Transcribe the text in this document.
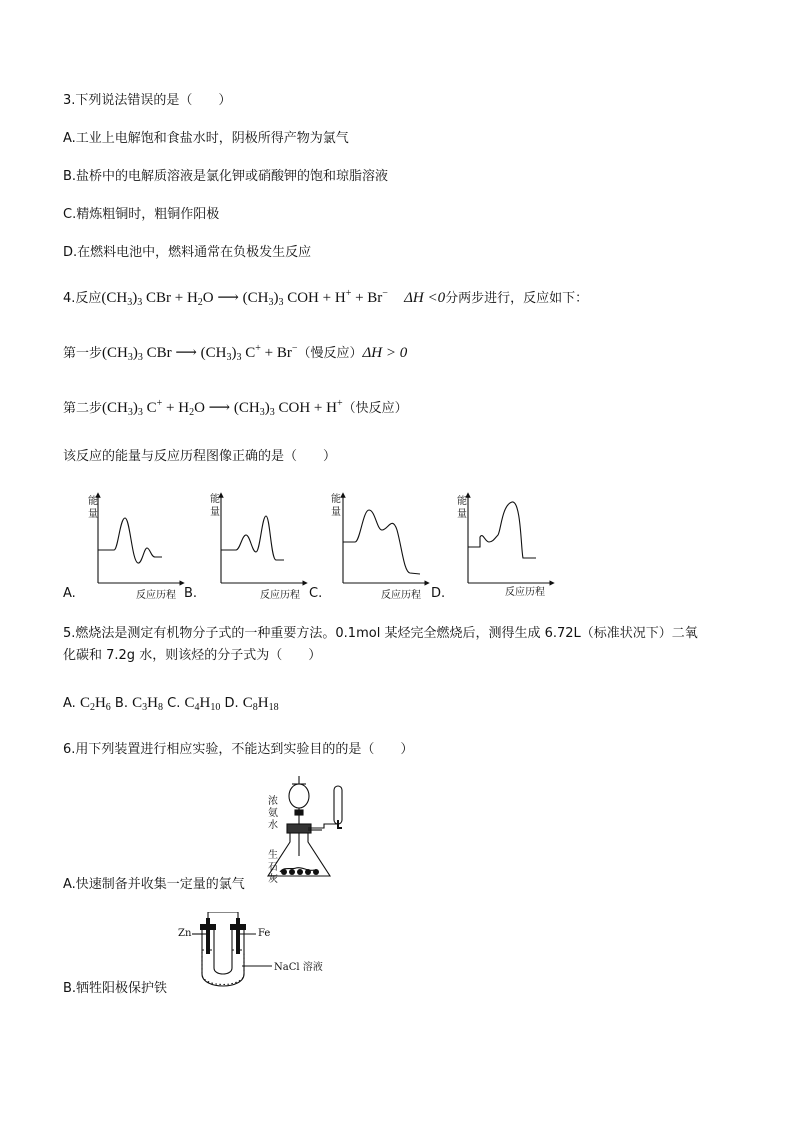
3.下列说法错误的是（　　）
A.工业上电解饱和食盐水时，阴极所得产物为氯气
B.盐桥中的电解质溶液是氯化钾或硝酸钾的饱和琼脂溶液
C.精炼粗铜时，粗铜作阳极
D.在燃料电池中，燃料通常在负极发生反应
4.反应$(CH_3)_3$ CBr + $H_2O$ ⟶ $(CH_3)_3$ COH + H+ + Br− ΔH <0分两步进行，反应如下：
第一步$(CH_3)_3$ CBr ⟶ $(CH_3)_3$ C+ + Br−（慢反应）ΔH > 0
第二步$(CH_3)_3$ $C^+ + H_2O$ ⟶ $(CH_3)_3$ COH + H+（快反应）
该反应的能量与反应历程图像正确的是（　　）
能
量
反应历程
能
量
反应历程
能
量
反应历程
能
量
反应历程
A.	B.	C.	D.
5.燃烧法是测定有机物分子式的一种重要方法。0.1mol 某烃完全燃烧后，测得生成 6.72L（标准状况下）二氧
化碳和 7.2g 水，则该烃的分子式为（　　）
A. $C_2H_6$ B. $C_3H_8$ C. $C_4H_{10}$ D. $C_8H_{18}$
6.用下列装置进行相应实验，不能达到实验目的的是（　　）
浓
氨
水
生
石
灰
A.快速制备并收集一定量的氯气
Zn	Fe
NaCl 溶液
B.牺牲阳极保护铁
